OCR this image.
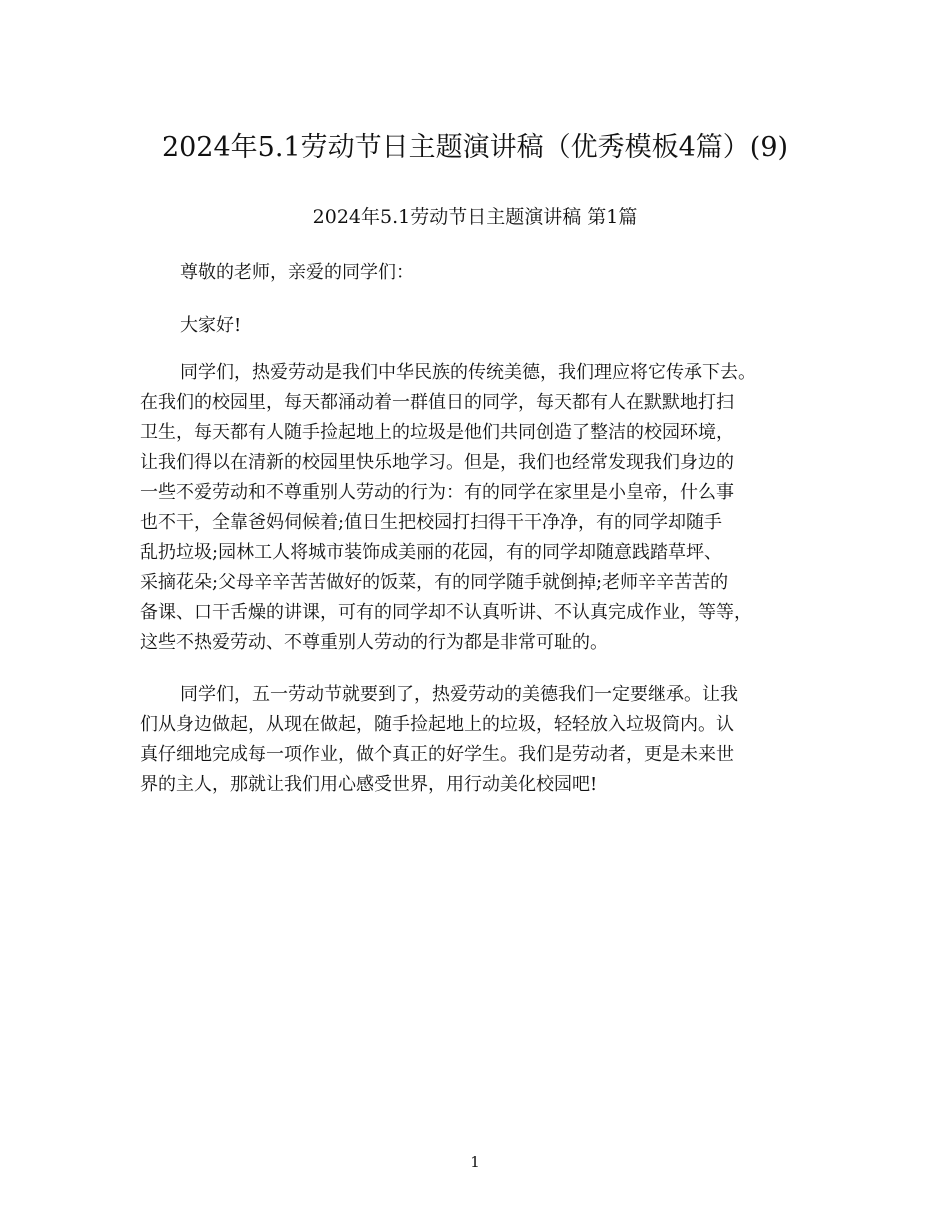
2024年5.1劳动节日主题演讲稿（优秀模板4篇）(9)
2024年5.1劳动节日主题演讲稿 第1篇

尊敬的老师，亲爱的同学们：

大家好!

同学们，热爱劳动是我们中华民族的传统美德，我们理应将它传承下去。
在我们的校园里，每天都涌动着一群值日的同学，每天都有人在默默地打扫
卫生，每天都有人随手捡起地上的垃圾是他们共同创造了整洁的校园环境，
让我们得以在清新的校园里快乐地学习。但是，我们也经常发现我们身边的
一些不爱劳动和不尊重别人劳动的行为：有的同学在家里是小皇帝，什么事
也不干，全靠爸妈伺候着;值日生把校园打扫得干干净净，有的同学却随手
乱扔垃圾;园林工人将城市装饰成美丽的花园，有的同学却随意践踏草坪、
采摘花朵;父母辛辛苦苦做好的饭菜，有的同学随手就倒掉;老师辛辛苦苦的
备课、口干舌燥的讲课，可有的同学却不认真听讲、不认真完成作业，等等，
这些不热爱劳动、不尊重别人劳动的行为都是非常可耻的。

同学们，五一劳动节就要到了，热爱劳动的美德我们一定要继承。让我
们从身边做起，从现在做起，随手捡起地上的垃圾，轻轻放入垃圾筒内。认
真仔细地完成每一项作业，做个真正的好学生。我们是劳动者，更是未来世
界的主人，那就让我们用心感受世界，用行动美化校园吧!

1
